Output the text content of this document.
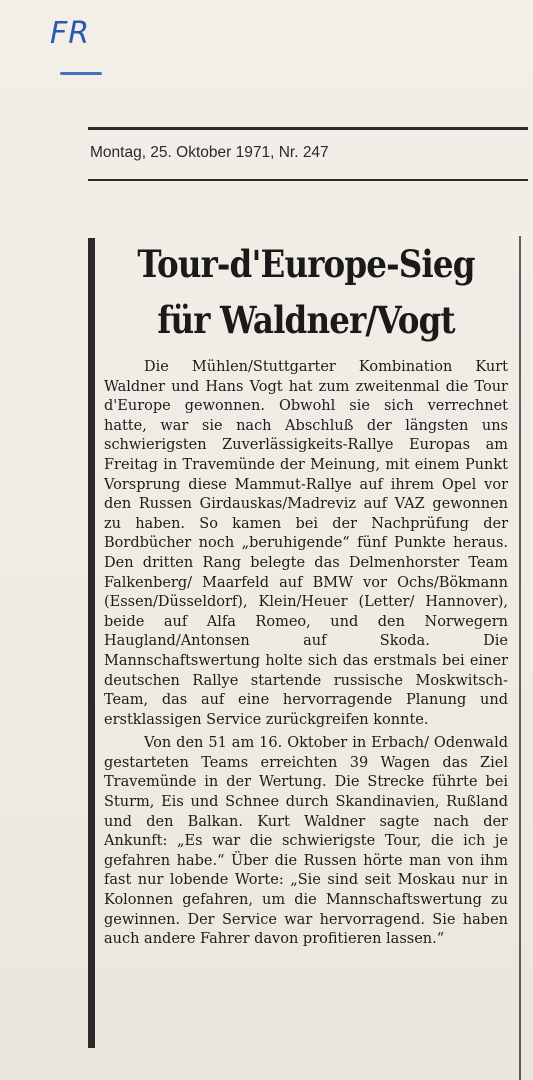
FR
Montag, 25. Oktober 1971, Nr. 247
Tour-d'Europe-Sieg
für Waldner/Vogt

Die Mühlen/Stuttgarter Kombination Kurt Waldner und Hans Vogt hat zum zweitenmal die Tour d'Europe gewonnen. Obwohl sie sich verrechnet hatte, war sie nach Abschluß der längsten uns schwierigsten Zuverlässigkeits-Rallye Europas am Freitag in Travemünde der Meinung, mit einem Punkt Vorsprung diese Mammut-Rallye auf ihrem Opel vor den Russen Girdauskas/Madreviz auf VAZ gewonnen zu haben. So kamen bei der Nachprüfung der Bordbücher noch „beruhigende“ fünf Punkte heraus. Den dritten Rang belegte das Delmenhorster Team Falkenberg/ Maarfeld auf BMW vor Ochs/Bökmann (Essen/Düsseldorf), Klein/Heuer (Letter/ Hannover), beide auf Alfa Romeo, und den Norwegern Haugland/Antonsen auf Skoda. Die Mannschaftswertung holte sich das erstmals bei einer deutschen Rallye startende russische Moskwitsch-Team, das auf eine hervorragende Planung und erstklassigen Service zurückgreifen konnte.

Von den 51 am 16. Oktober in Erbach/ Odenwald gestarteten Teams erreichten 39 Wagen das Ziel Travemünde in der Wertung. Die Strecke führte bei Sturm, Eis und Schnee durch Skandinavien, Rußland und den Balkan. Kurt Waldner sagte nach der Ankunft: „Es war die schwierigste Tour, die ich je gefahren habe.“ Über die Russen hörte man von ihm fast nur lobende Worte: „Sie sind seit Moskau nur in Kolonnen gefahren, um die Mannschaftswertung zu gewinnen. Der Service war hervorragend. Sie haben auch andere Fahrer davon profitieren lassen.“
